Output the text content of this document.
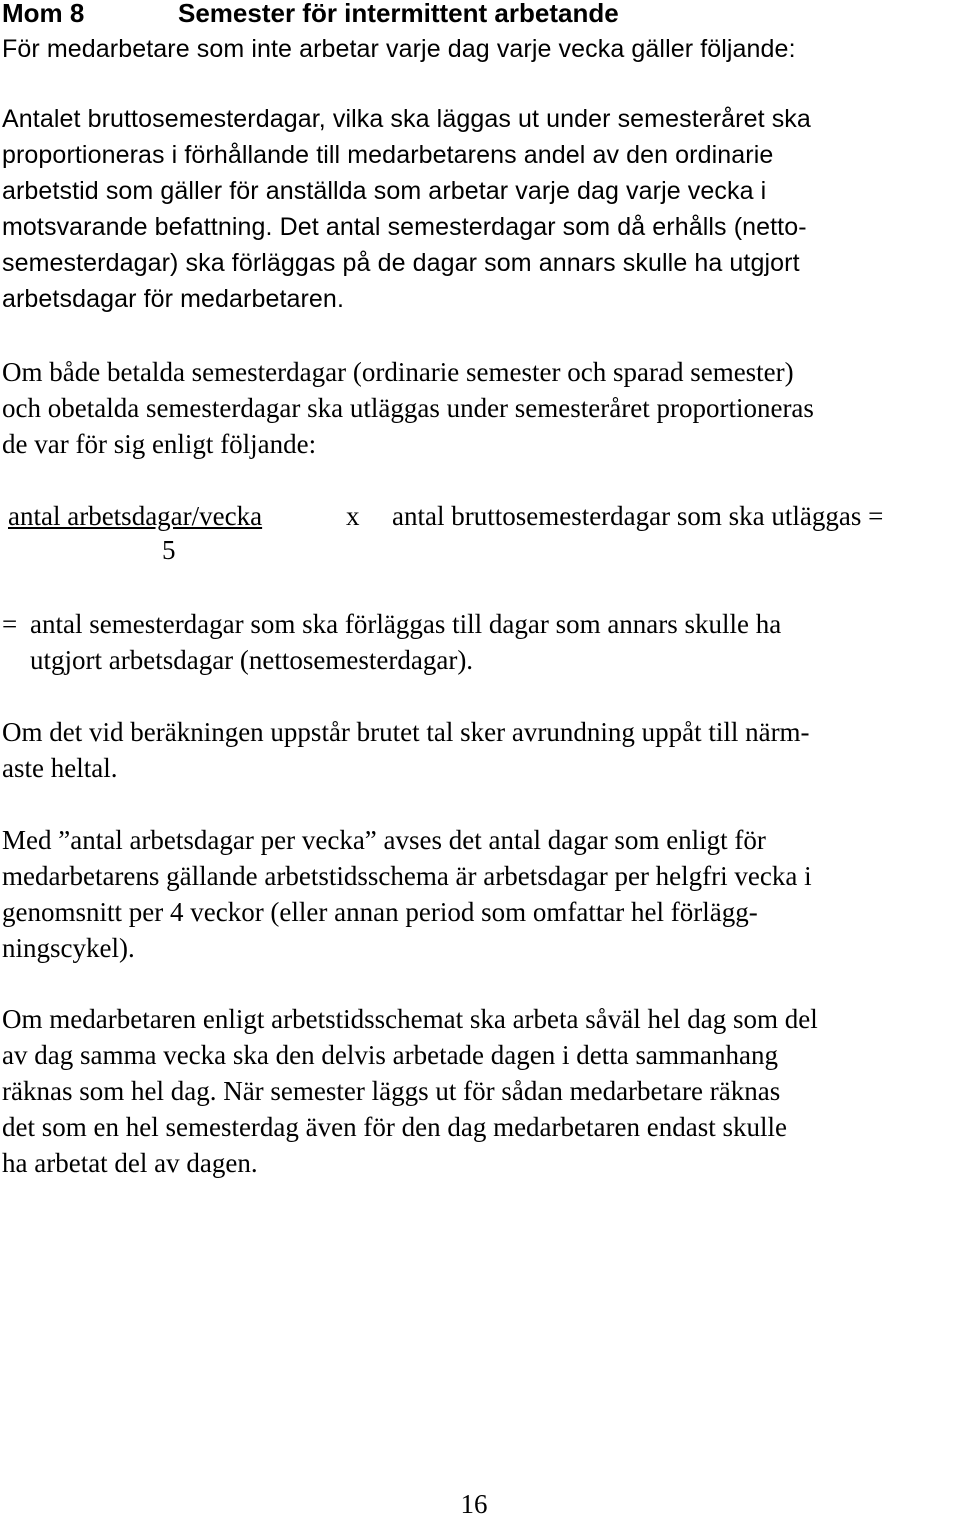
Mom 8	Semester för intermittent arbetande

För medarbetare som inte arbetar varje dag varje vecka gäller följande:

Antalet bruttosemesterdagar, vilka ska läggas ut under semesteråret ska
proportioneras i förhållande till medarbetarens andel av den ordinarie
arbetstid som gäller för anställda som arbetar varje dag varje vecka i
motsvarande befattning. Det antal semesterdagar som då erhålls (netto-
semesterdagar) ska förläggas på de dagar som annars skulle ha utgjort
arbetsdagar för medarbetaren.

Om både betalda semesterdagar (ordinarie semester och sparad semester)
och obetalda semesterdagar ska utläggas under semesteråret proportioneras
de var för sig enligt följande:

antal arbetsdagar/vecka	x antal bruttosemesterdagar som ska utläggas =
5
= antal semesterdagar som ska förläggas till dagar som annars skulle ha
utgjort arbetsdagar (nettosemesterdagar).

Om det vid beräkningen uppstår brutet tal sker avrundning uppåt till närm-
aste heltal.

Med ”antal arbetsdagar per vecka” avses det antal dagar som enligt för
medarbetarens gällande arbetstidsschema är arbetsdagar per helgfri vecka i
genomsnitt per 4 veckor (eller annan period som omfattar hel förlägg-
ningscykel).

Om medarbetaren enligt arbetstidsschemat ska arbeta såväl hel dag som del
av dag samma vecka ska den delvis arbetade dagen i detta sammanhang
räknas som hel dag. När semester läggs ut för sådan medarbetare räknas
det som en hel semesterdag även för den dag medarbetaren endast skulle
ha arbetat del av dagen.

16
